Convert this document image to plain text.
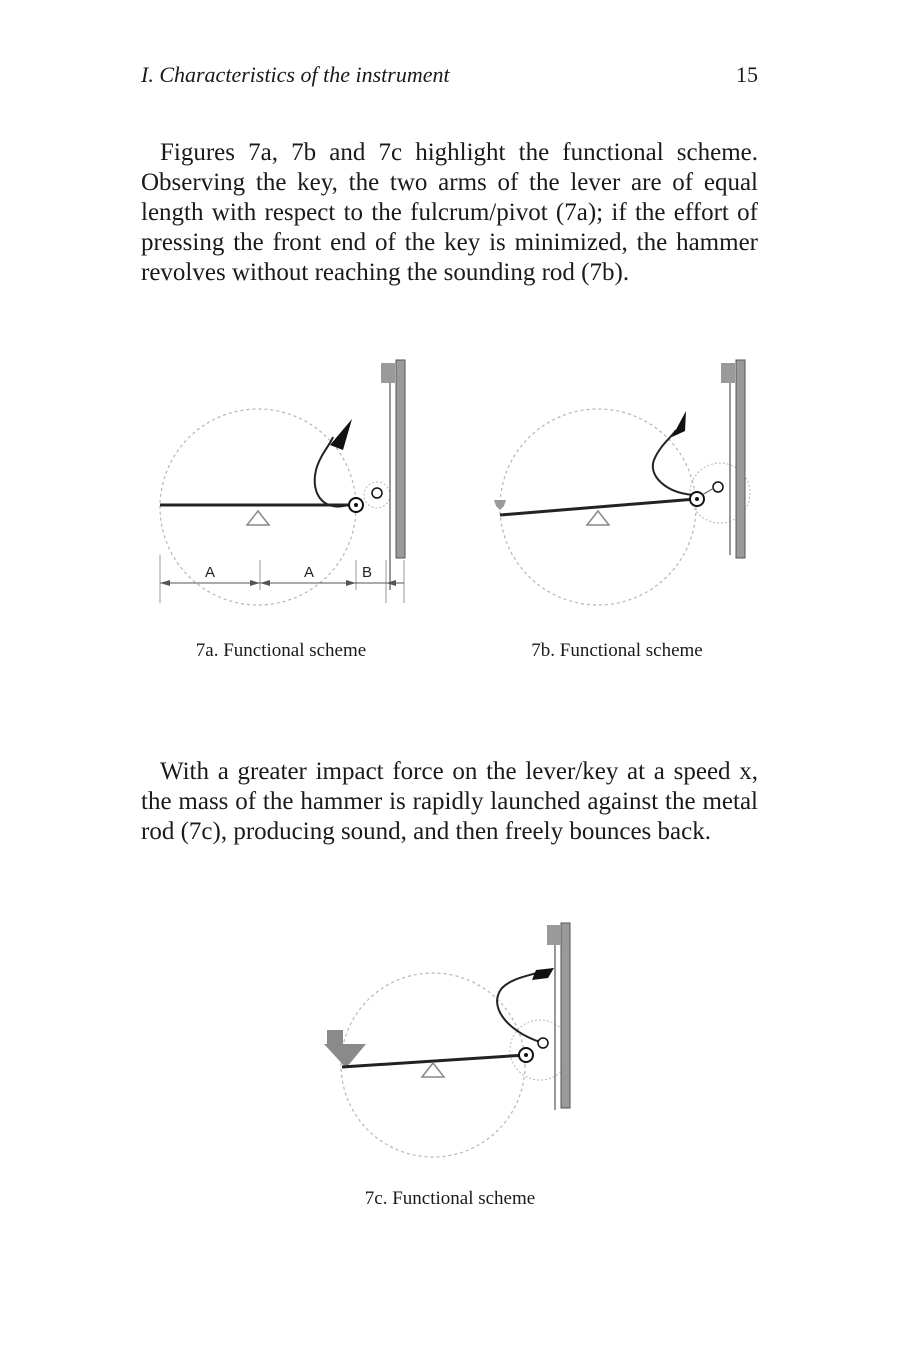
I. Characteristics of the instrument	15

Figures 7a, 7b and 7c highlight the functional scheme. Observing the key, the two arms of the lever are of equal length with respect to the fulcrum/pivot (7a); if the effort of pressing the front end of the key is minimized, the hammer revolves without reaching the sounding rod (7b).

A	A	B
7a. Functional scheme	7b. Functional scheme

With a greater impact force on the lever/key at a speed x, the mass of the hammer is rapidly launched against the metal rod (7c), producing sound, and then freely bounces back.

7c. Functional scheme
